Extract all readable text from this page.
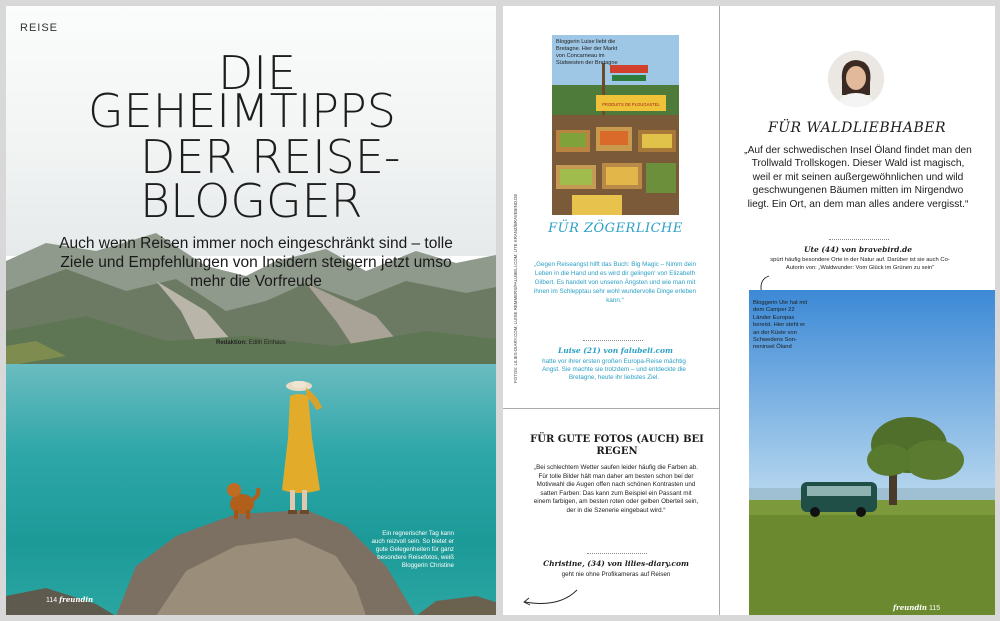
REISE
DIE
GEHEIMTIPPS
DER REISE-
BLOGGER
Auch wenn Reisen immer noch eingeschränkt sind – tolle Ziele und Empfehlungen von Insidern steigern jetzt umso mehr die Vorfreude
Redaktion: Edith Einhaus
Ein regnerischer Tag kann auch reizvoll sein. So bietet er gute Gelegenheiten für ganz besondere Reisefotos, weiß Bloggerin Christine
114 freundin
PRODUITS DE PLOUGASTEL
Bloggerin Luise liebt die Bretagne. Hier der Markt von Concarneau im Südwesten der Bretagne
FÜR ZÖGERLICHE
„Gegen Reiseangst hilft das Buch: Big Magic – Nimm dein Leben in die Hand und es wird dir gelingen‘ von Elizabeth Gilbert. Es handelt von unseren Ängsten und wie man mit ihnen im Schlepptau sehr wohl wundervolle Dinge erleben kann.“
Luise (21) von falubeli.com
hatte vor ihrer ersten großen Europa-Reise mächtig Angst. Sie machte sie trotzdem – und entdeckte die Bretagne, heute ihr liebstes Ziel.
FOTOS: LILIES-DIARY.COM; LUISE REMMERS/FALUBELI.COM; UTE KRANZ/BRAVEBIND.DE
FÜR GUTE FOTOS (AUCH) BEI REGEN
„Bei schlechtem Wetter saufen leider häufig die Farben ab. Für tolle Bilder hält man daher am besten schon bei der Motivwahl die Augen offen nach schönen Kontrasten und satten Farben: Das kann zum Beispiel ein Passant mit einem farbigen, am besten roten oder gelben Oberteil sein, der in die Szenerie eingebaut wird.“
Christine, (34) von lilies-diary.com
geht nie ohne Profikameras auf Reisen
FÜR WALDLIEBHABER
„Auf der schwedischen Insel Öland findet man den Trollwald Trollskogen. Dieser Wald ist magisch, weil er mit seinen außergewöhnlichen und wild geschwungenen Bäumen mitten im Nirgendwo liegt. Ein Ort, an dem man alles andere vergisst.“
Ute (44) von bravebird.de
spürt häufig besondere Orte in der Natur auf. Darüber ist sie auch Co-Autorin von: „Waldwunder: Vom Glück im Grünen zu sein“
Bloggerin Ute hat mit dem Camper 22 Länder Europas bereist. Hier steht er an der Küste von Schwedens Sonneninsel Öland
freundin 115
